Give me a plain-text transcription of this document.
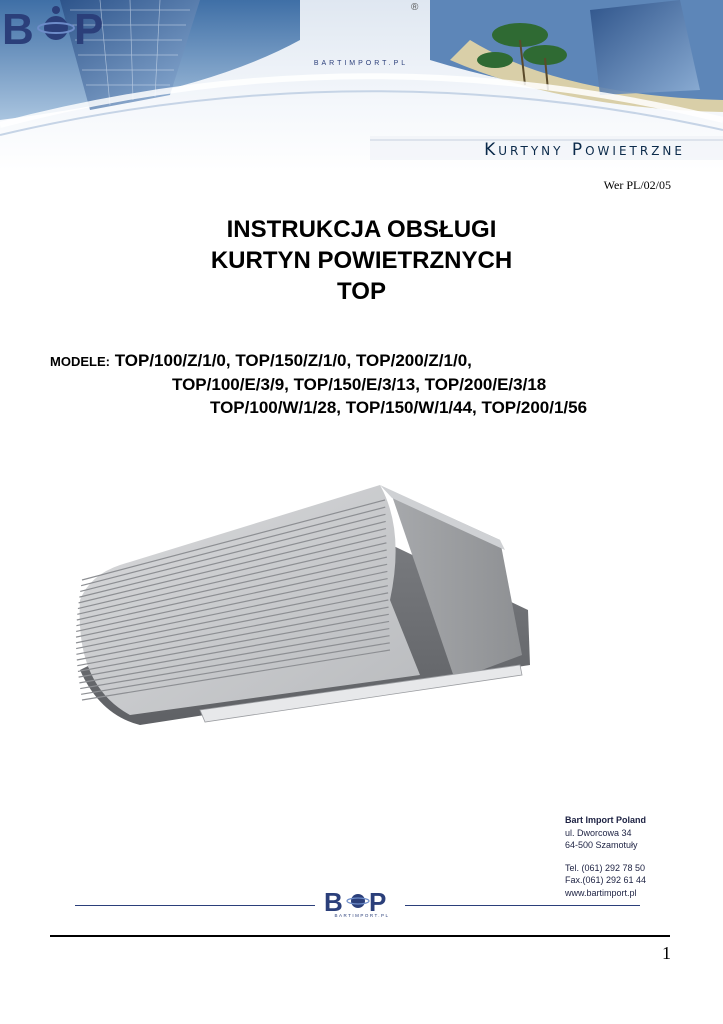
B P
BARTIMPORT.PL
®
Kurtyny Powietrzne
Wer PL/02/05
INSTRUKCJA OBSŁUGI
KURTYN POWIETRZNYCH
TOP
MODELE: TOP/100/Z/1/0, TOP/150/Z/1/0, TOP/200/Z/1/0,
TOP/100/E/3/9, TOP/150/E/3/13, TOP/200/E/3/18
TOP/100/W/1/28, TOP/150/W/1/44, TOP/200/1/56
Bart Import Poland
ul. Dworcowa 34
64-500 Szamotuły
Tel. (061) 292 78 50
Fax.(061) 292 61 44
www.bartimport.pl
B P
BARTIMPORT.PL
1
